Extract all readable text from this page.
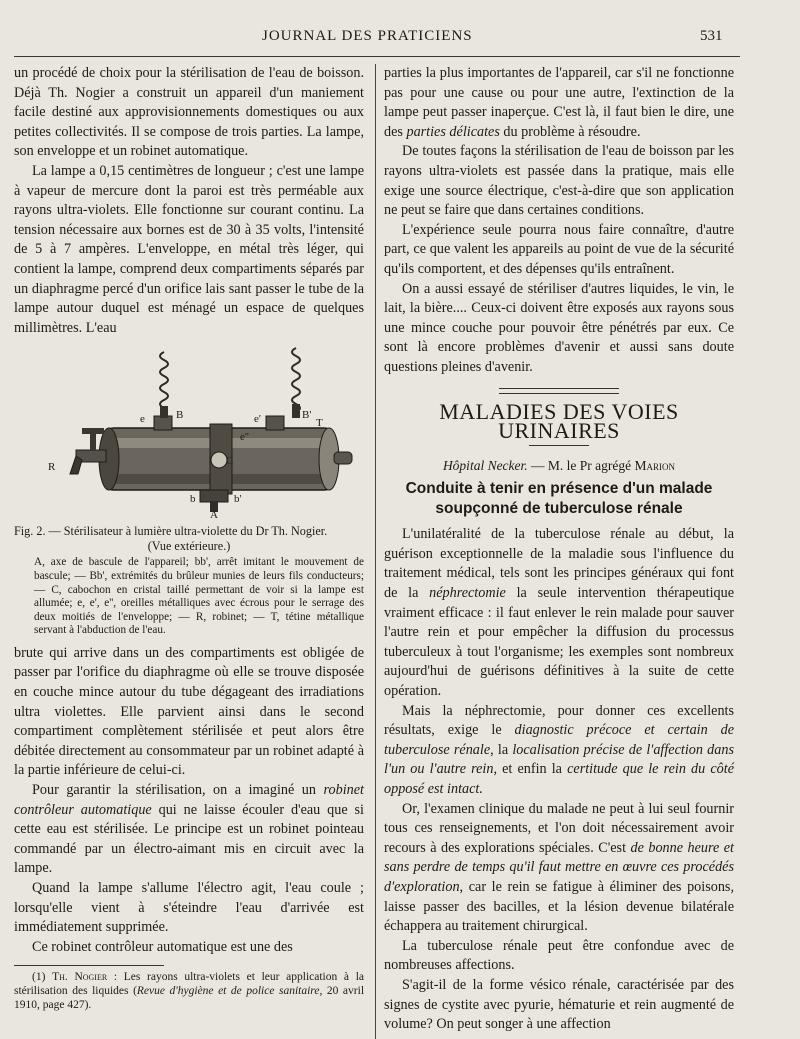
JOURNAL DES PRATICIENS	531

un procédé de choix pour la stérilisation de l'eau de boisson. Déjà Th. Nogier a construit un appareil d'un maniement facile destiné aux approvisionnements domestiques ou aux petites collectivités. Il se compose de trois parties. La lampe, son enveloppe et un robinet automatique.

La lampe a 0,15 centimètres de longueur ; c'est une lampe à vapeur de mercure dont la paroi est très perméable aux rayons ultra-violets. Elle fonctionne sur courant continu. La tension nécessaire aux bornes est de 30 à 35 volts, l'intensité de 5 à 7 ampères. L'enveloppe, en métal très léger, qui contient la lampe, comprend deux compartiments séparés par un diaphragme percé d'un orifice lais sant passer le tube de la lampe autour duquel est ménagé un espace de quelques millimètres. L'eau

R
T
A
B	B'
b	b'
C
e	e'
e''
Fig. 2. — Stérilisateur à lumière ultra-violette du Dr Th. Nogier.
(Vue extérieure.)
A, axe de bascule de l'appareil; bb', arrêt imitant le mouvement de bascule; — Bb', extrémités du brûleur munies de leurs fils conducteurs; — C, cabochon en cristal taillé permettant de voir si la lampe est allumée; e, e', e'', oreilles métalliques avec écrous pour le serrage des deux moitiés de l'enveloppe; — R, robinet; — T, tétine métallique servant à l'abduction de l'eau.

brute qui arrive dans un des compartiments est obligée de passer par l'orifice du diaphragme où elle se trouve disposée en couche mince autour du tube dégageant des irradiations ultra violettes. Elle parvient ainsi dans le second compartiment complètement stérilisée et peut alors être débitée directement au consommateur par un robinet adapté à la partie inférieure de celui-ci.

Pour garantir la stérilisation, on a imaginé un robinet contrôleur automatique qui ne laisse écouler d'eau que si cette eau est stérilisée. Le principe est un robinet pointeau commandé par un électro-aimant mis en circuit avec la lampe.

Quand la lampe s'allume l'électro agit, l'eau coule ; lorsqu'elle vient à s'éteindre l'eau d'arrivée est immédiatement supprimée.

Ce robinet contrôleur automatique est une des

(1) Th. Nogier : Les rayons ultra-violets et leur application à la stérilisation des liquides (Revue d'hygiène et de police sanitaire, 20 avril 1910, page 427).

parties la plus importantes de l'appareil, car s'il ne fonctionne pas pour une cause ou pour une autre, l'extinction de la lampe peut passer inaperçue. C'est là, il faut bien le dire, une des parties délicates du problème à résoudre.

De toutes façons la stérilisation de l'eau de boisson par les rayons ultra-violets est passée dans la pratique, mais elle exige une source électrique, c'est-à-dire que son application ne peut se faire que dans certaines conditions.

L'expérience seule pourra nous faire connaître, d'autre part, ce que valent les appareils au point de vue de la sécurité qu'ils comportent, et des dépenses qu'ils entraînent.

On a aussi essayé de stériliser d'autres liquides, le vin, le lait, la bière.... Ceux-ci doivent être exposés aux rayons sous une mince couche pour pouvoir être pénétrés par eux. Ce sont là encore problèmes d'avenir et aussi sans doute questions pleines d'avenir.

MALADIES DES VOIES URINAIRES
Hôpital Necker. — M. le Pr agrégé Marion
Conduite à tenir en présence d'un malade soupçonné de tuberculose rénale

L'unilatéralité de la tuberculose rénale au début, la guérison exceptionnelle de la maladie sous l'influence du traitement médical, tels sont les principes généraux qui font de la néphrectomie la seule intervention thérapeutique vraiment efficace : il faut enlever le rein malade pour sauver l'autre rein et pour empêcher la diffusion du processus tuberculeux à tout l'organisme; les exemples sont nombreux aujourd'hui de guérisons définitives à la suite de cette opération.

Mais la néphrectomie, pour donner ces excellents résultats, exige le diagnostic précoce et certain de tuberculose rénale, la localisation précise de l'affection dans l'un ou l'autre rein, et enfin la certitude que le rein du côté opposé est intact.

Or, l'examen clinique du malade ne peut à lui seul fournir tous ces renseignements, et l'on doit nécessairement avoir recours à des explorations spéciales. C'est de bonne heure et sans perdre de temps qu'il faut mettre en œuvre ces procédés d'exploration, car le rein se fatigue à éliminer des poisons, laisse passer des bacilles, et la lésion devenue bilatérale échappera au traitement chirurgical.

La tuberculose rénale peut être confondue avec de nombreuses affections.

S'agit-il de la forme vésico rénale, caractérisée par des signes de cystite avec pyurie, hématurie et rein augmenté de volume? On peut songer à une affection
